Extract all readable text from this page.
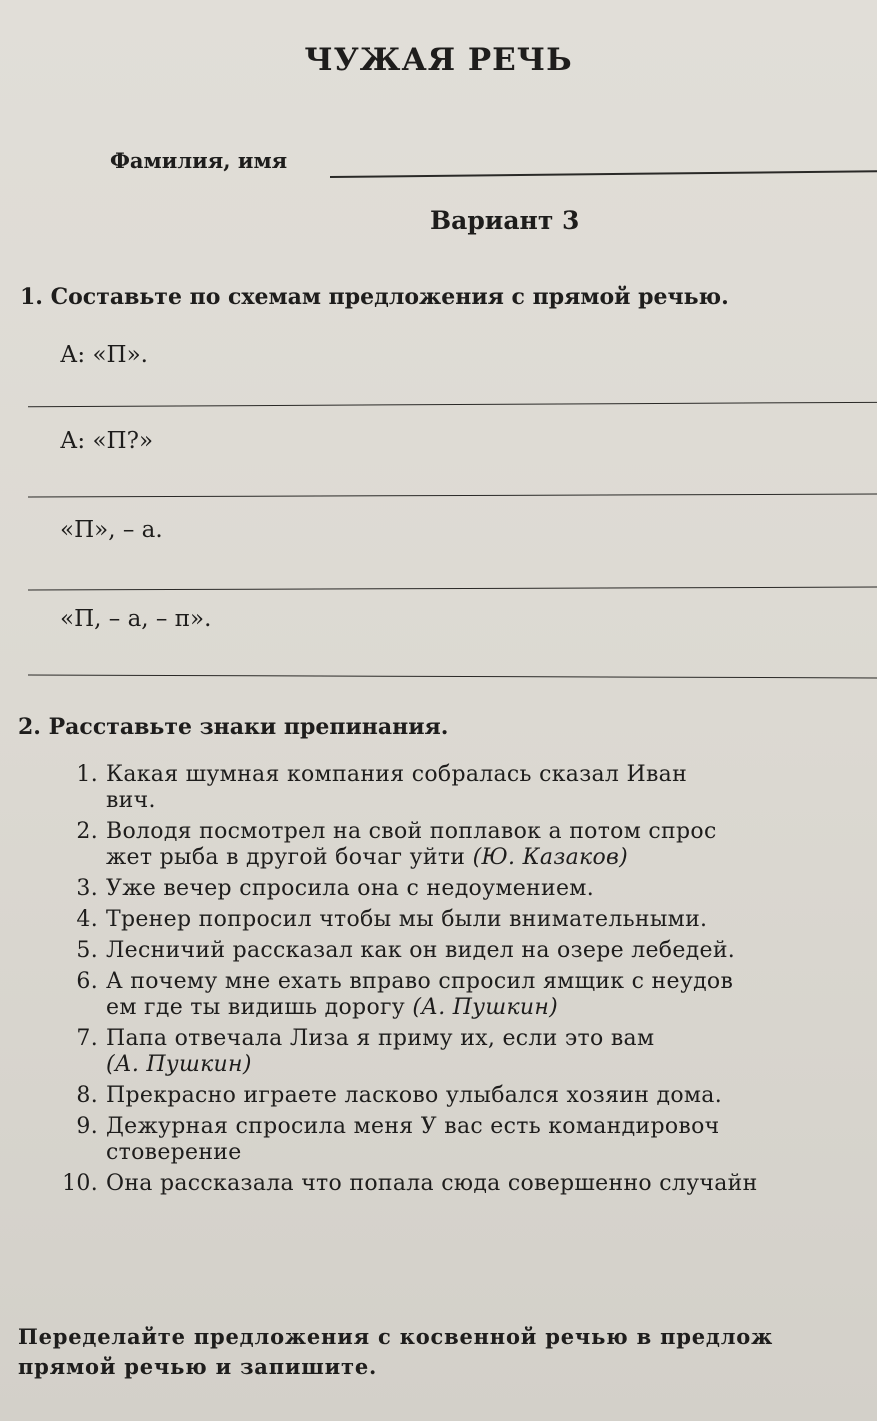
ЧУЖАЯ РЕЧЬ
Фамилия, имя
Вариант 3
1. Составьте по схемам предложения с прямой речью.
А: «П».
А: «П?»
«П», – а.
«П, – а, – п».
2. Расставьте знаки препинания.
1. Какая шумная компания собралась сказал Иван
вич.
2. Володя посмотрел на свой поплавок а потом спрос
жет рыба в другой бочаг уйти (Ю. Казаков)
3. Уже вечер спросила она с недоумением.
4. Тренер попросил чтобы мы были внимательными.
5. Лесничий рассказал как он видел на озере лебедей.
6. А почему мне ехать вправо спросил ямщик с неудов
ем где ты видишь дорогу (А. Пушкин)
7. Папа отвечала Лиза я приму их, если это вам
(А. Пушкин)
8. Прекрасно играете ласково улыбался хозяин дома.
9. Дежурная спросила меня У вас есть командировоч
стоверение
10. Она рассказала что попала сюда совершенно случайн
Переделайте предложения с косвенной речью в предлож
прямой речью и запишите.
